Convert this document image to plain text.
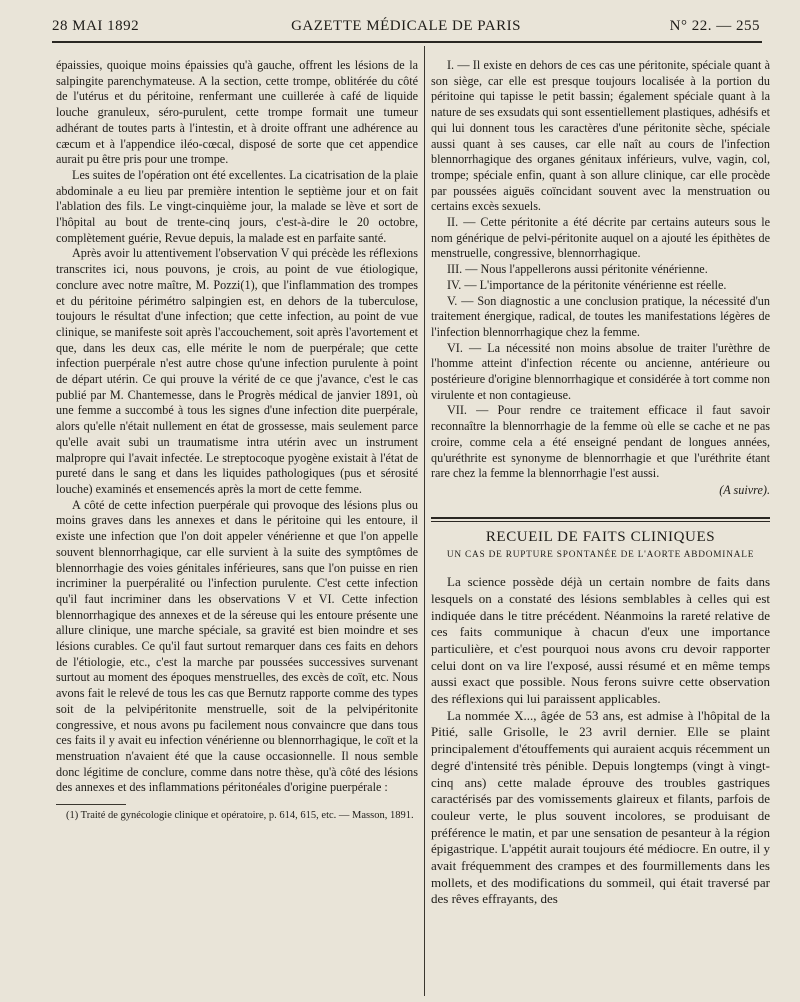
28 MAI 1892	GAZETTE MÉDICALE DE PARIS	N° 22. — 255

épaissies, quoique moins épaissies qu'à gauche, offrent les lésions de la salpingite parenchymateuse. A la section, cette trompe, oblitérée du côté de l'utérus et du péritoine, renfermant une cuillerée à café de liquide louche granuleux, séro-purulent, cette trompe formait une tumeur adhérant de toutes parts à l'intestin, et à droite offrant une adhérence au cæcum et à l'appendice iléo-cœcal, disposé de sorte que cet appendice aurait pu être pris pour une trompe.

Les suites de l'opération ont été excellentes. La cicatrisation de la plaie abdominale a eu lieu par première intention le septième jour et on fait l'ablation des fils. Le vingt-cinquième jour, la malade se lève et sort de l'hôpital au bout de trente-cinq jours, c'est-à-dire le 20 octobre, complètement guérie, Revue depuis, la malade est en parfaite santé.

Après avoir lu attentivement l'observation V qui précède les réflexions transcrites ici, nous pouvons, je crois, au point de vue étiologique, conclure avec notre maître, M. Pozzi(1), que l'inflammation des trompes et du péritoine périmétro salpingien est, en dehors de la tuberculose, toujours le résultat d'une infection; que cette infection, au point de vue clinique, se manifeste soit après l'accouchement, soit après l'avortement et que, dans les deux cas, elle mérite le nom de puerpérale; que cette infection puerpérale n'est autre chose qu'une infection purulente à point de départ utérin. Ce qui prouve la vérité de ce que j'avance, c'est le cas publié par M. Chantemesse, dans le Progrès médical de janvier 1891, où une femme a succombé à tous les signes d'une infection dite puerpérale, alors qu'elle n'était nullement en état de grossesse, mais seulement parce qu'elle avait subi un traumatisme intra utérin avec un instrument malpropre qui l'avait infectée. Le streptocoque pyogène existait à l'état de pureté dans le sang et dans les liquides pathologiques (pus et sérosité louche) examinés et ensemencés après la mort de cette femme.

A côté de cette infection puerpérale qui provoque des lésions plus ou moins graves dans les annexes et dans le péritoine qui les entoure, il existe une infection que l'on doit appeler vénérienne et que l'on appelle souvent blennorrhagique, car elle survient à la suite des symptômes de blennorrhagie des voies génitales inférieures, sans que l'on puisse en rien incriminer la puerpéralité ou l'infection purulente. C'est cette infection qu'il faut incriminer dans les observations V et VI. Cette infection blennorrhagique des annexes et de la séreuse qui les entoure présente une allure clinique, une marche spéciale, sa gravité est bien moindre et ses lésions curables. Ce qu'il faut surtout remarquer dans ces faits en dehors de l'étiologie, etc., c'est la marche par poussées successives survenant surtout au moment des époques menstruelles, des excès de coït, etc. Nous avons fait le relevé de tous les cas que Bernutz rapporte comme des types soit de la pelvipéritonite menstruelle, soit de la pelvipéritonite congressive, et nous avons pu facilement nous convaincre que dans tous ces faits il y avait eu infection vénérienne ou blennorrhagique, le coït et la menstruation n'avaient été que la cause occasionnelle. Il nous semble donc légitime de conclure, comme dans notre thèse, qu'à côté des lésions des annexes et des inflammations péritonéales d'origine puerpérale :

(1) Traité de gynécologie clinique et opératoire, p. 614, 615, etc. — Masson, 1891.

I. — Il existe en dehors de ces cas une péritonite, spéciale quant à son siège, car elle est presque toujours localisée à la portion du péritoine qui tapisse le petit bassin; également spéciale quant à la nature de ses exsudats qui sont essentiellement plastiques, adhésifs et qui lui donnent tous les caractères d'une péritonite sèche, spéciale aussi quant à ses causes, car elle naît au cours de l'infection blennorrhagique des organes génitaux inférieurs, vulve, vagin, col, trompe; spéciale enfin, quant à son allure clinique, car elle procède par poussées aiguës coïncidant souvent avec la menstruation ou certains excès sexuels.

II. — Cette péritonite a été décrite par certains auteurs sous le nom générique de pelvi-péritonite auquel on a ajouté les épithètes de menstruelle, congressive, blennorrhagique.

III. — Nous l'appellerons aussi péritonite vénérienne.

IV. — L'importance de la péritonite vénérienne est réelle.

V. — Son diagnostic a une conclusion pratique, la nécessité d'un traitement énergique, radical, de toutes les manifestations légères de l'infection blennorrhagique chez la femme.

VI. — La nécessité non moins absolue de traiter l'urèthre de l'homme atteint d'infection récente ou ancienne, antérieure ou postérieure d'origine blennorrhagique et considérée à tort comme non virulente et non contagieuse.

VII. — Pour rendre ce traitement efficace il faut savoir reconnaître la blennorrhagie de la femme où elle se cache et ne pas croire, comme cela a été enseigné pendant de longues années, qu'uréthrite est synonyme de blennorrhagie et que l'uréthrite étant rare chez la femme la blennorrhagie l'est aussi.

(A suivre).

RECUEIL DE FAITS CLINIQUES
UN CAS DE RUPTURE SPONTANÉE DE L'AORTE ABDOMINALE

La science possède déjà un certain nombre de faits dans lesquels on a constaté des lésions semblables à celles qui est indiquée dans le titre précédent. Néanmoins la rareté relative de ces faits communique à chacun d'eux une importance particulière, et c'est pourquoi nous avons cru devoir rapporter celui dont on va lire l'exposé, aussi résumé et en même temps aussi exact que possible. Nous ferons suivre cette observation des réflexions qui lui paraissent applicables.

La nommée X..., âgée de 53 ans, est admise à l'hôpital de la Pitié, salle Grisolle, le 23 avril dernier. Elle se plaint principalement d'étouffements qui auraient acquis récemment un degré d'intensité très pénible. Depuis longtemps (vingt à vingt-cinq ans) cette malade éprouve des troubles gastriques caractérisés par des vomissements glaireux et filants, parfois de couleur verte, le plus souvent incolores, se produisant de préférence le matin, et par une sensation de pesanteur à la région épigastrique. L'appétit aurait toujours été médiocre. En outre, il y avait fréquemment des crampes et des fourmillements dans les mollets, et des modifications du sommeil, qui était traversé par des rêves effrayants, des
